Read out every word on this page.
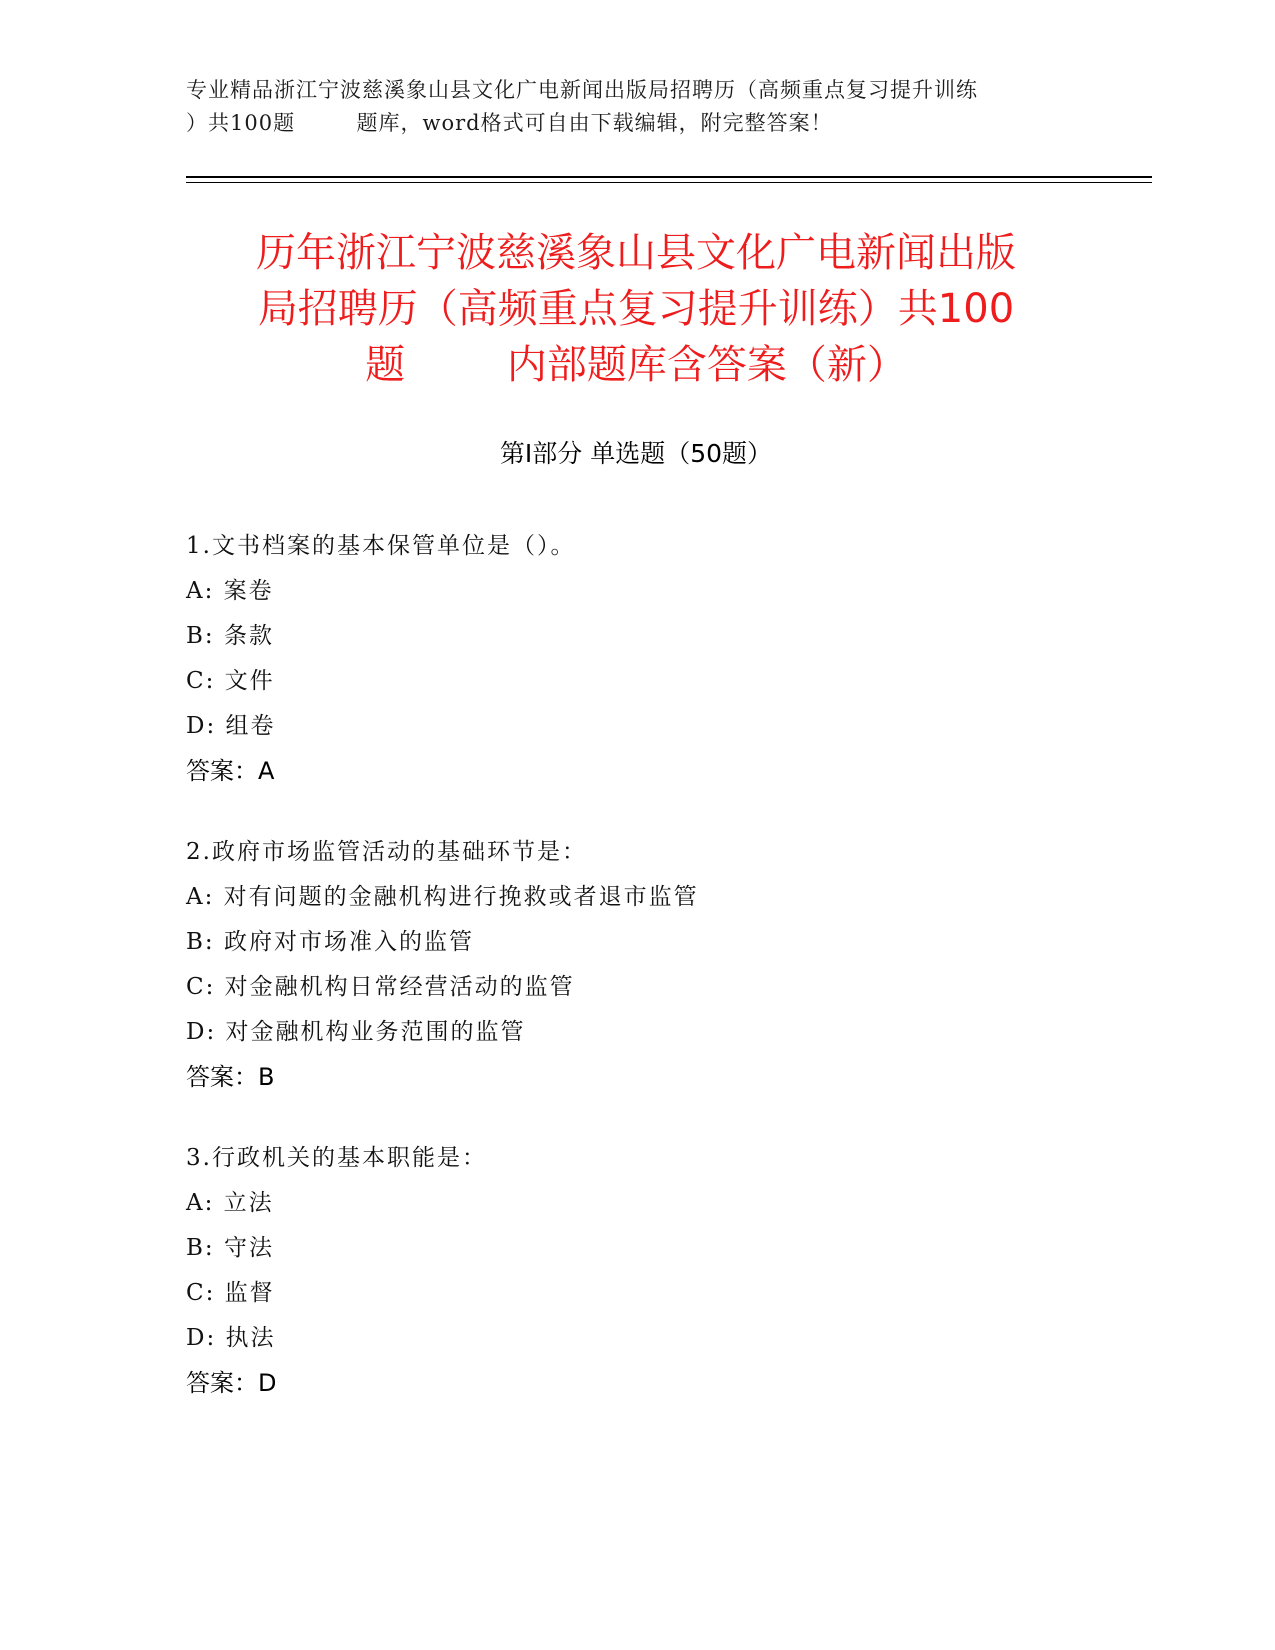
专业精品浙江宁波慈溪象山县文化广电新闻出版局招聘历（高频重点复习提升训练
）共100题        题库，word格式可自由下载编辑，附完整答案！
历年浙江宁波慈溪象山县文化广电新闻出版
局招聘历（高频重点复习提升训练）共100
题        内部题库含答案（新）
第Ⅰ部分 单选题（50题）
1.文书档案的基本保管单位是（）。
A: 案卷
B: 条款
C: 文件
D: 组卷
答案：A
2.政府市场监管活动的基础环节是：
A: 对有问题的金融机构进行挽救或者退市监管
B: 政府对市场准入的监管
C: 对金融机构日常经营活动的监管
D: 对金融机构业务范围的监管
答案：B
3.行政机关的基本职能是：
A: 立法
B: 守法
C: 监督
D: 执法
答案：D
